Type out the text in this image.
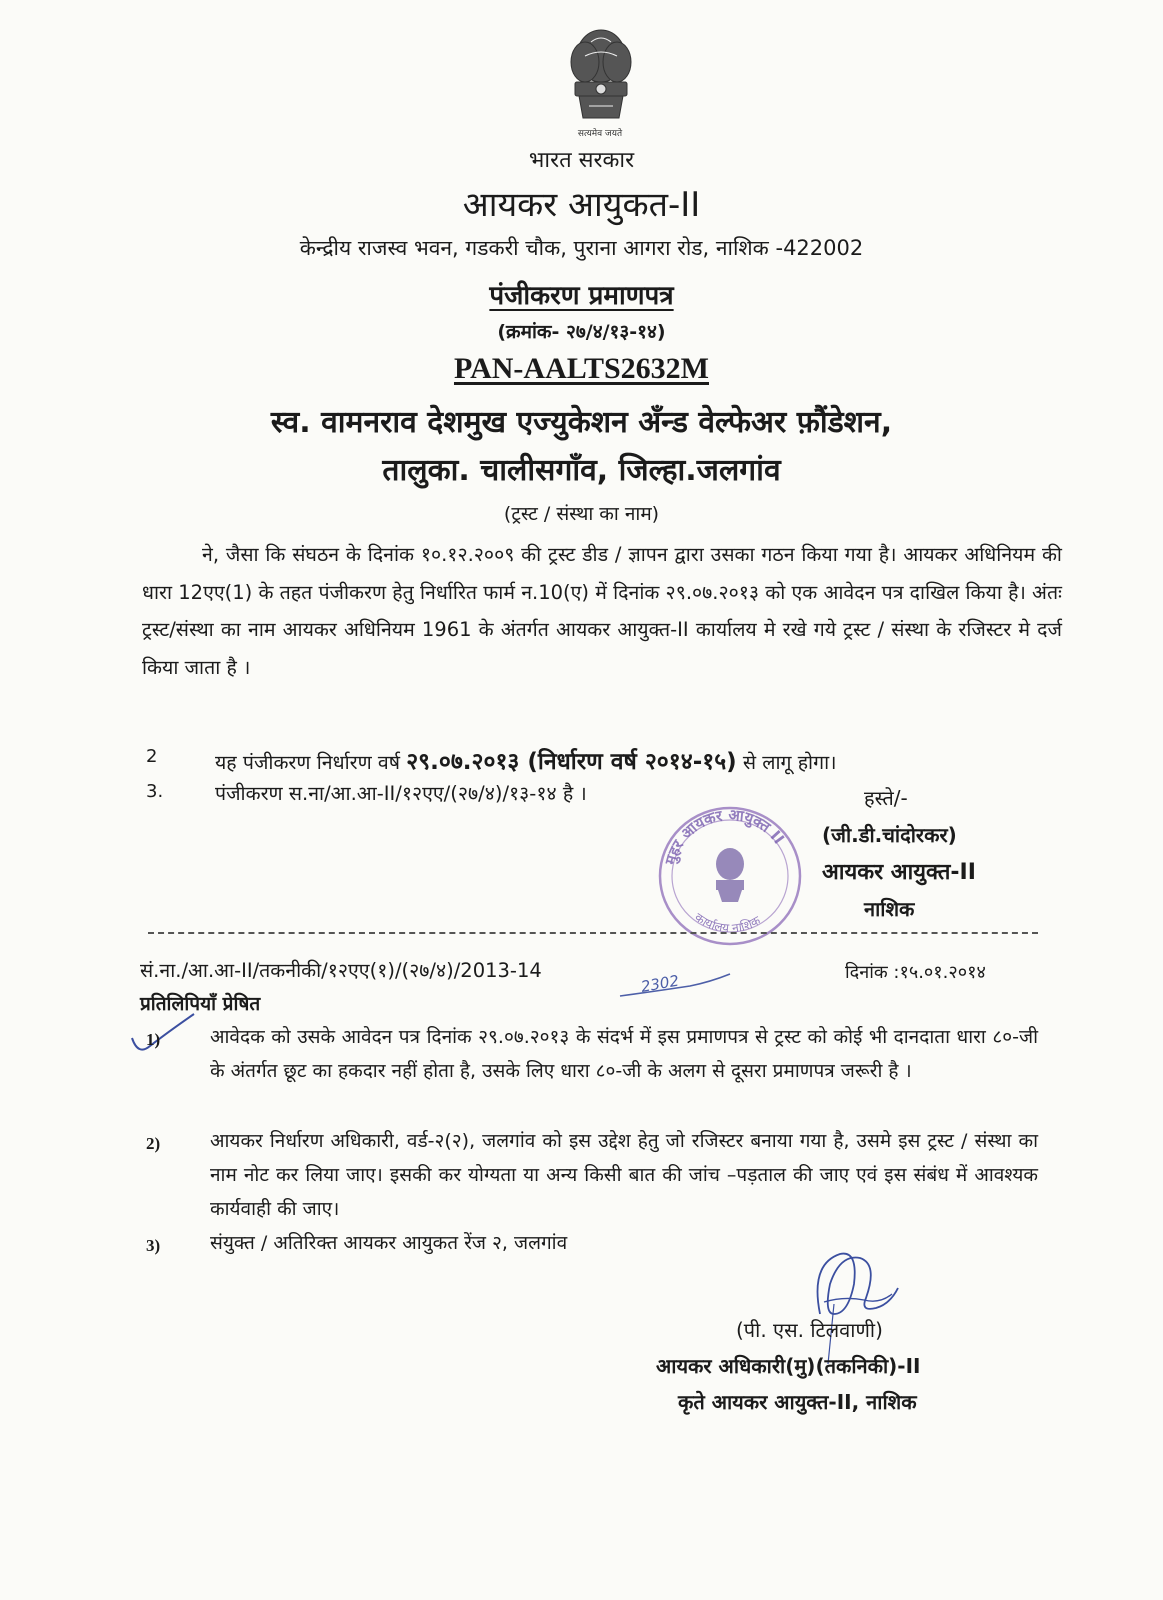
सत्यमेव जयते
भारत सरकार
आयकर आयुकत-II
केन्द्रीय राजस्व भवन, गडकरी चौक, पुराना आगरा रोड, नाशिक -422002
पंजीकरण प्रमाणपत्र
(क्रमांक- २७/४/१३-१४)
PAN-AALTS2632M
स्व. वामनराव देशमुख एज्युकेशन अँन्ड वेल्फेअर फ़ौंडेशन,
तालुका. चालीसगाँव, जिल्हा.जलगांव
(ट्रस्ट / संस्था का नाम)

ने, जैसा कि संघठन के दिनांक १०.१२.२००९ की ट्रस्ट डीड / ज्ञापन द्वारा उसका गठन किया गया है। आयकर अधिनियम की धारा 12एए(1) के तहत पंजीकरण हेतु निर्धारित फार्म न.10(ए) में दिनांक २९.०७.२०१३ को एक आवेदन पत्र दाखिल किया है। अंतः ट्रस्ट/संस्था का नाम आयकर अधिनियम 1961 के अंतर्गत आयकर आयुक्त-II कार्यालय मे रखे गये ट्रस्ट / संस्था के रजिस्टर मे दर्ज किया जाता है ।

2	यह पंजीकरण निर्धारण वर्ष २९.०७.२०१३ (निर्धारण वर्ष २०१४-१५) से लागू होगा।
3.	पंजीकरण स.ना/आ.आ-II/१२एए/(२७/४)/१३-१४ है ।
मुहर आयकर आयुक्त II
कार्यालय नाशिक
हस्ते/-
(जी.डी.चांदोरकर)
आयकर आयुक्त-II
नाशिक
सं.ना./आ.आ-II/तकनीकी/१२एए(१)/(२७/४)/2013-14	दिनांक :१५.०१.२०१४
2302
प्रतिलिपियाँ प्रेषित
1)	आवेदक को उसके आवेदन पत्र दिनांक २९.०७.२०१३ के संदर्भ में इस प्रमाणपत्र से ट्रस्ट को कोई भी दानदाता धारा ८०-जी के अंतर्गत छूट का हकदार नहीं होता है, उसके लिए धारा ८०-जी के अलग से दूसरा प्रमाणपत्र जरूरी है ।

2)	आयकर निर्धारण अधिकारी, वर्ड-२(२), जलगांव को इस उद्देश हेतु जो रजिस्टर बनाया गया है, उसमे इस ट्रस्ट / संस्था का नाम नोट कर लिया जाए। इसकी कर योग्यता या अन्य किसी बात की जांच –पड़ताल की जाए एवं इस संबंध में आवश्यक कार्यवाही की जाए।

3)	संयुक्त / अतिरिक्त आयकर आयुकत रेंज २, जलगांव

(पी. एस. टिलवाणी)
आयकर अधिकारी(मु)(तकनिकी)-II
कृते आयकर आयुक्त-II, नाशिक
